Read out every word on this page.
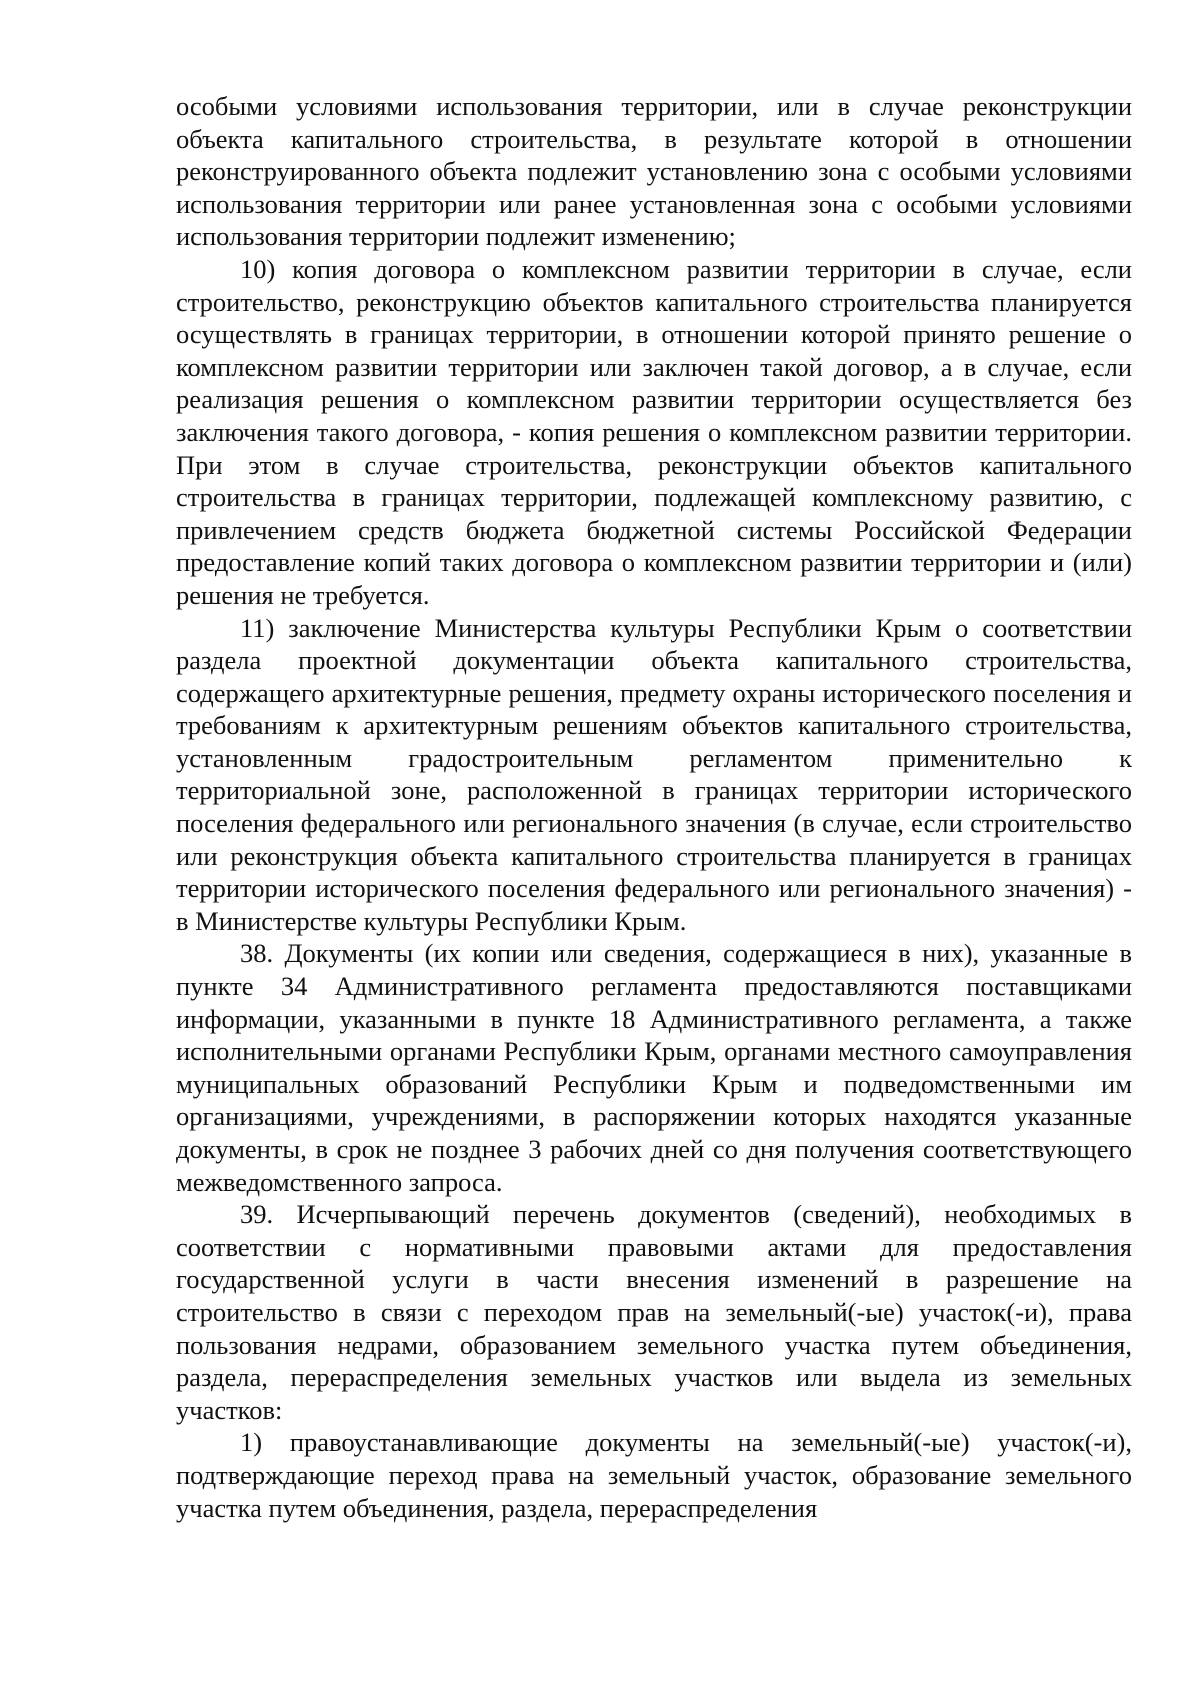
особыми условиями использования территории, или в случае реконструкции объекта капитального строительства, в результате которой в отношении реконструированного объекта подлежит установлению зона с особыми условиями использования территории или ранее установленная зона с особыми условиями использования территории подлежит изменению;

10) копия договора о комплексном развитии территории в случае, если строительство, реконструкцию объектов капитального строительства планируется осуществлять в границах территории, в отношении которой принято решение о комплексном развитии территории или заключен такой договор, а в случае, если реализация решения о комплексном развитии территории осуществляется без заключения такого договора, - копия решения о комплексном развитии территории. При этом в случае строительства, реконструкции объектов капитального строительства в границах территории, подлежащей комплексному развитию, с привлечением средств бюджета бюджетной системы Российской Федерации предоставление копий таких договора о комплексном развитии территории и (или) решения не требуется.

11) заключение Министерства культуры Республики Крым о соответствии раздела проектной документации объекта капитального строительства, содержащего архитектурные решения, предмету охраны исторического поселения и требованиям к архитектурным решениям объектов капитального строительства, установленным градостроительным регламентом применительно к территориальной зоне, расположенной в границах территории исторического поселения федерального или регионального значения (в случае, если строительство или реконструкция объекта капитального строительства планируется в границах территории исторического поселения федерального или регионального значения) - в Министерстве культуры Республики Крым.

38. Документы (их копии или сведения, содержащиеся в них), указанные в пункте 34 Административного регламента предоставляются поставщиками информации, указанными в пункте 18 Административного регламента, а также исполнительными органами Республики Крым, органами местного самоуправления муниципальных образований Республики Крым и подведомственными им организациями, учреждениями, в распоряжении которых находятся указанные документы, в срок не позднее 3 рабочих дней со дня получения соответствующего межведомственного запроса.

39. Исчерпывающий перечень документов (сведений), необходимых в соответствии с нормативными правовыми актами для предоставления государственной услуги в части внесения изменений в разрешение на строительство в связи с переходом прав на земельный(-ые) участок(-и), права пользования недрами, образованием земельного участка путем объединения, раздела, перераспределения земельных участков или выдела из земельных участков:

1) правоустанавливающие документы на земельный(-ые) участок(-и), подтверждающие переход права на земельный участок, образование земельного участка путем объединения, раздела, перераспределения
